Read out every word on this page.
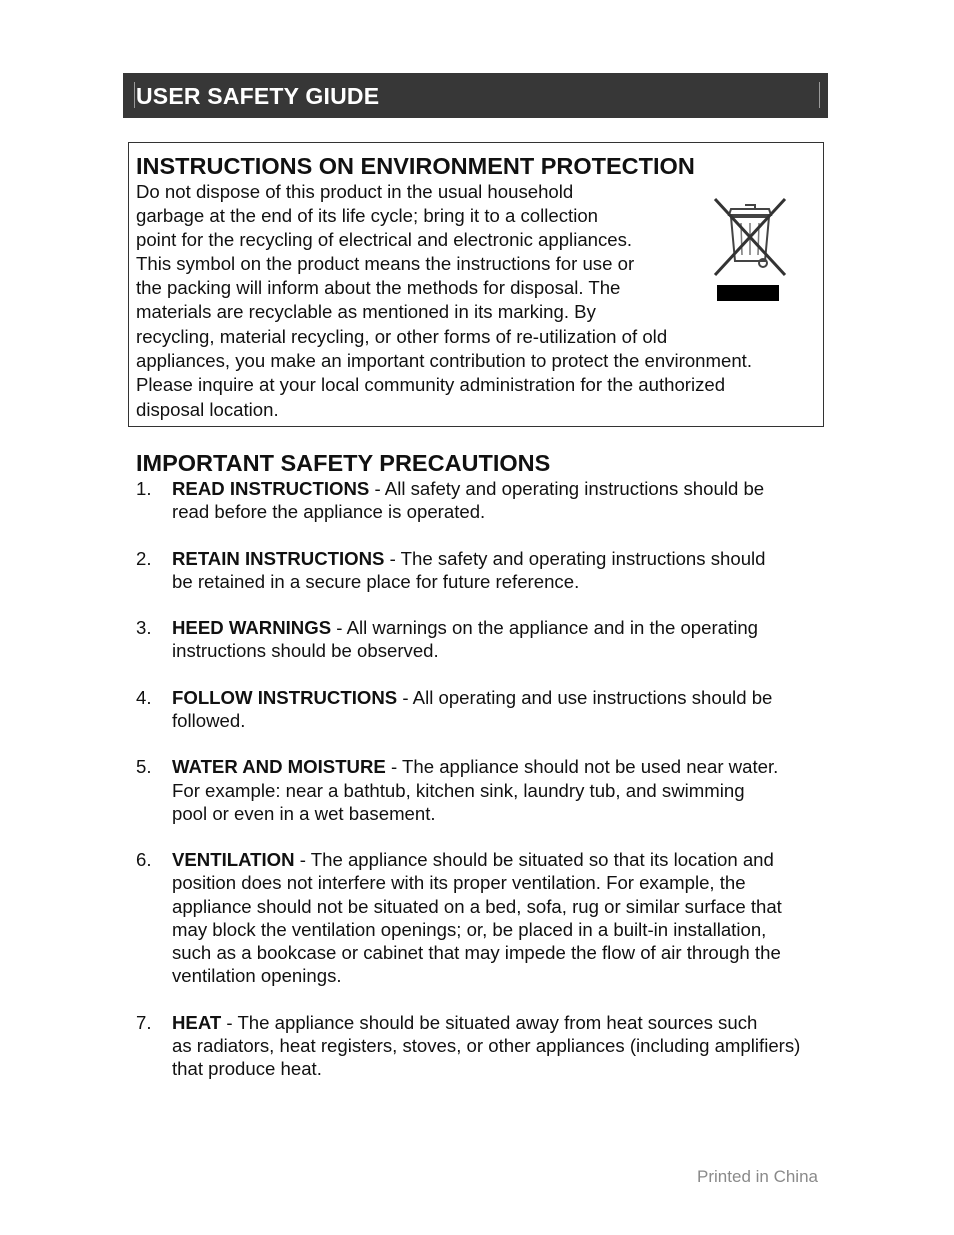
USER SAFETY GIUDE
INSTRUCTIONS ON ENVIRONMENT PROTECTION
Do not dispose of this product in the usual household
garbage at the end of its life cycle; bring it to a collection
point for the recycling of electrical and electronic appliances.
This symbol on the product means the instructions for use or
the packing will inform about the methods for disposal. The
materials are recyclable as mentioned in its marking. By
recycling, material recycling, or other forms of re-utilization of old
appliances, you make an important contribution to protect the environment.
Please inquire at your local community administration for the authorized
disposal location.
IMPORTANT SAFETY PRECAUTIONS
1. READ INSTRUCTIONS - All safety and operating instructions should be
read before the appliance is operated.
2. RETAIN INSTRUCTIONS - The safety and operating instructions should
be retained in a secure place for future reference.
3. HEED WARNINGS - All warnings on the appliance and in the operating
instructions should be observed.
4. FOLLOW INSTRUCTIONS - All operating and use instructions should be
followed.
5. WATER AND MOISTURE - The appliance should not be used near water.
For example: near a bathtub, kitchen sink, laundry tub, and swimming
pool or even in a wet basement.
6. VENTILATION - The appliance should be situated so that its location and
position does not interfere with its proper ventilation. For example, the
appliance should not be situated on a bed, sofa, rug or similar surface that
may block the ventilation openings; or, be placed in a built-in installation,
such as a bookcase or cabinet that may impede the flow of air through the
ventilation openings.
7. HEAT - The appliance should be situated away from heat sources such
as radiators, heat registers, stoves, or other appliances (including amplifiers)
that produce heat.
Printed in China
